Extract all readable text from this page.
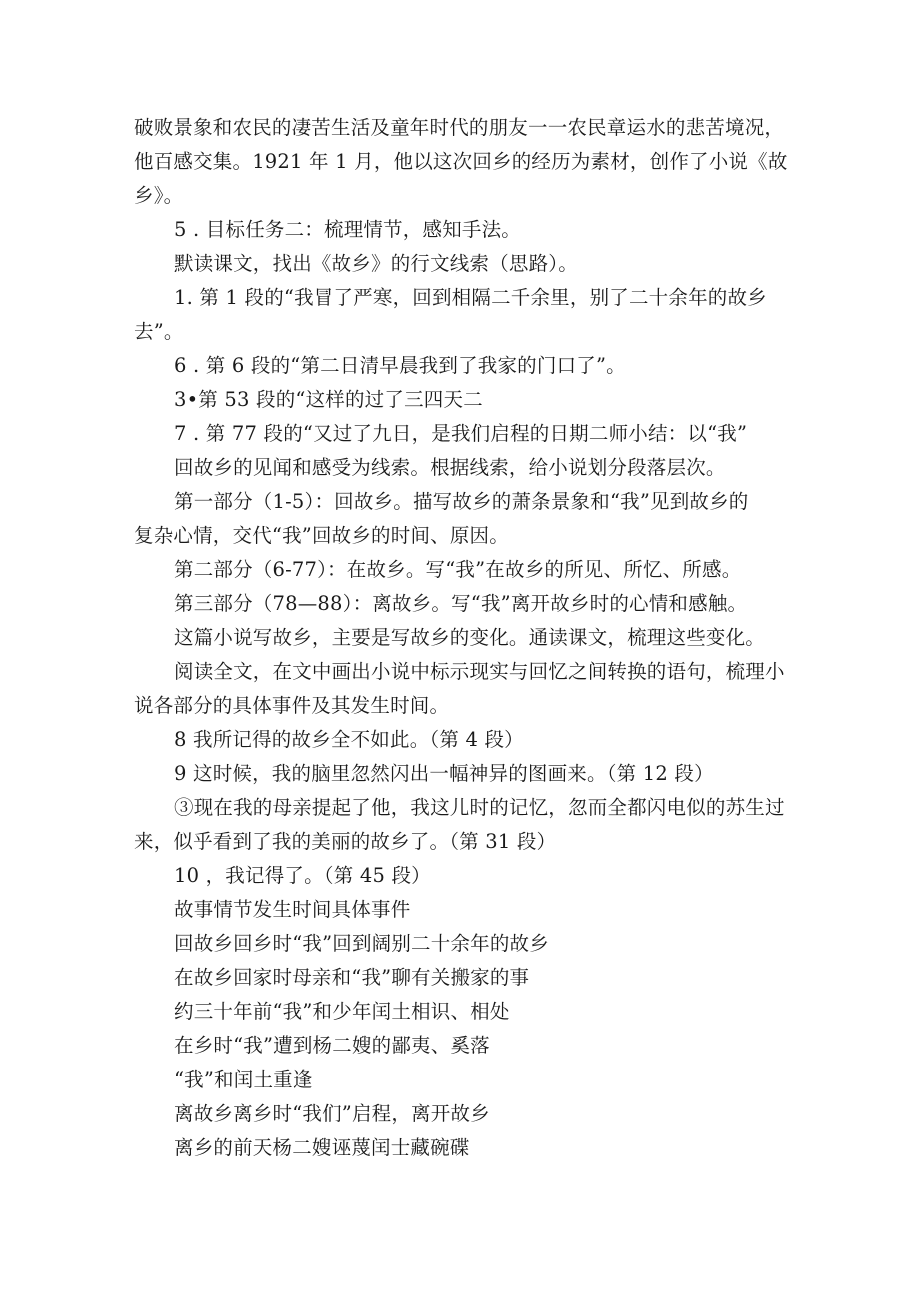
破败景象和农民的凄苦生活及童年时代的朋友一一农民章运水的悲苦境况，
他百感交集。1921 年 1 月，他以这次回乡的经历为素材，创作了小说《故
乡》。
5 . 目标任务二：梳理情节，感知手法。
默读课文，找出《故乡》的行文线索（思路）。
1. 第 1 段的“我冒了严寒，回到相隔二千余里，别了二十余年的故乡
去”。
6 . 第 6 段的“第二日清早晨我到了我家的门口了”。
3•第 53 段的“这样的过了三四天二
7 . 第 77 段的“又过了九日，是我们启程的日期二师小结：以“我”
回故乡的见闻和感受为线索。根据线索，给小说划分段落层次。
第一部分（1-5）：回故乡。描写故乡的萧条景象和“我”见到故乡的
复杂心情，交代“我”回故乡的时间、原因。
第二部分（6-77）：在故乡。写“我”在故乡的所见、所忆、所感。
第三部分（78—88）：离故乡。写“我”离开故乡时的心情和感触。
这篇小说写故乡，主要是写故乡的变化。通读课文，梳理这些变化。
阅读全文，在文中画出小说中标示现实与回忆之间转换的语句，梳理小
说各部分的具体事件及其发生时间。
8 我所记得的故乡全不如此。（第 4 段）
9 这时候，我的脑里忽然闪出一幅神异的图画来。（第 12 段）
③现在我的母亲提起了他，我这儿时的记忆，忽而全都闪电似的苏生过
来，似乎看到了我的美丽的故乡了。（第 31 段）
10 ，我记得了。（第 45 段）
故事情节发生时间具体事件
回故乡回乡时“我”回到阔别二十余年的故乡
在故乡回家时母亲和“我”聊有关搬家的事
约三十年前“我”和少年闰土相识、相处
在乡时“我”遭到杨二嫂的鄙夷、奚落
“我”和闰土重逢
离故乡离乡时“我们”启程，离开故乡
离乡的前天杨二嫂诬蔑闰士藏碗碟
